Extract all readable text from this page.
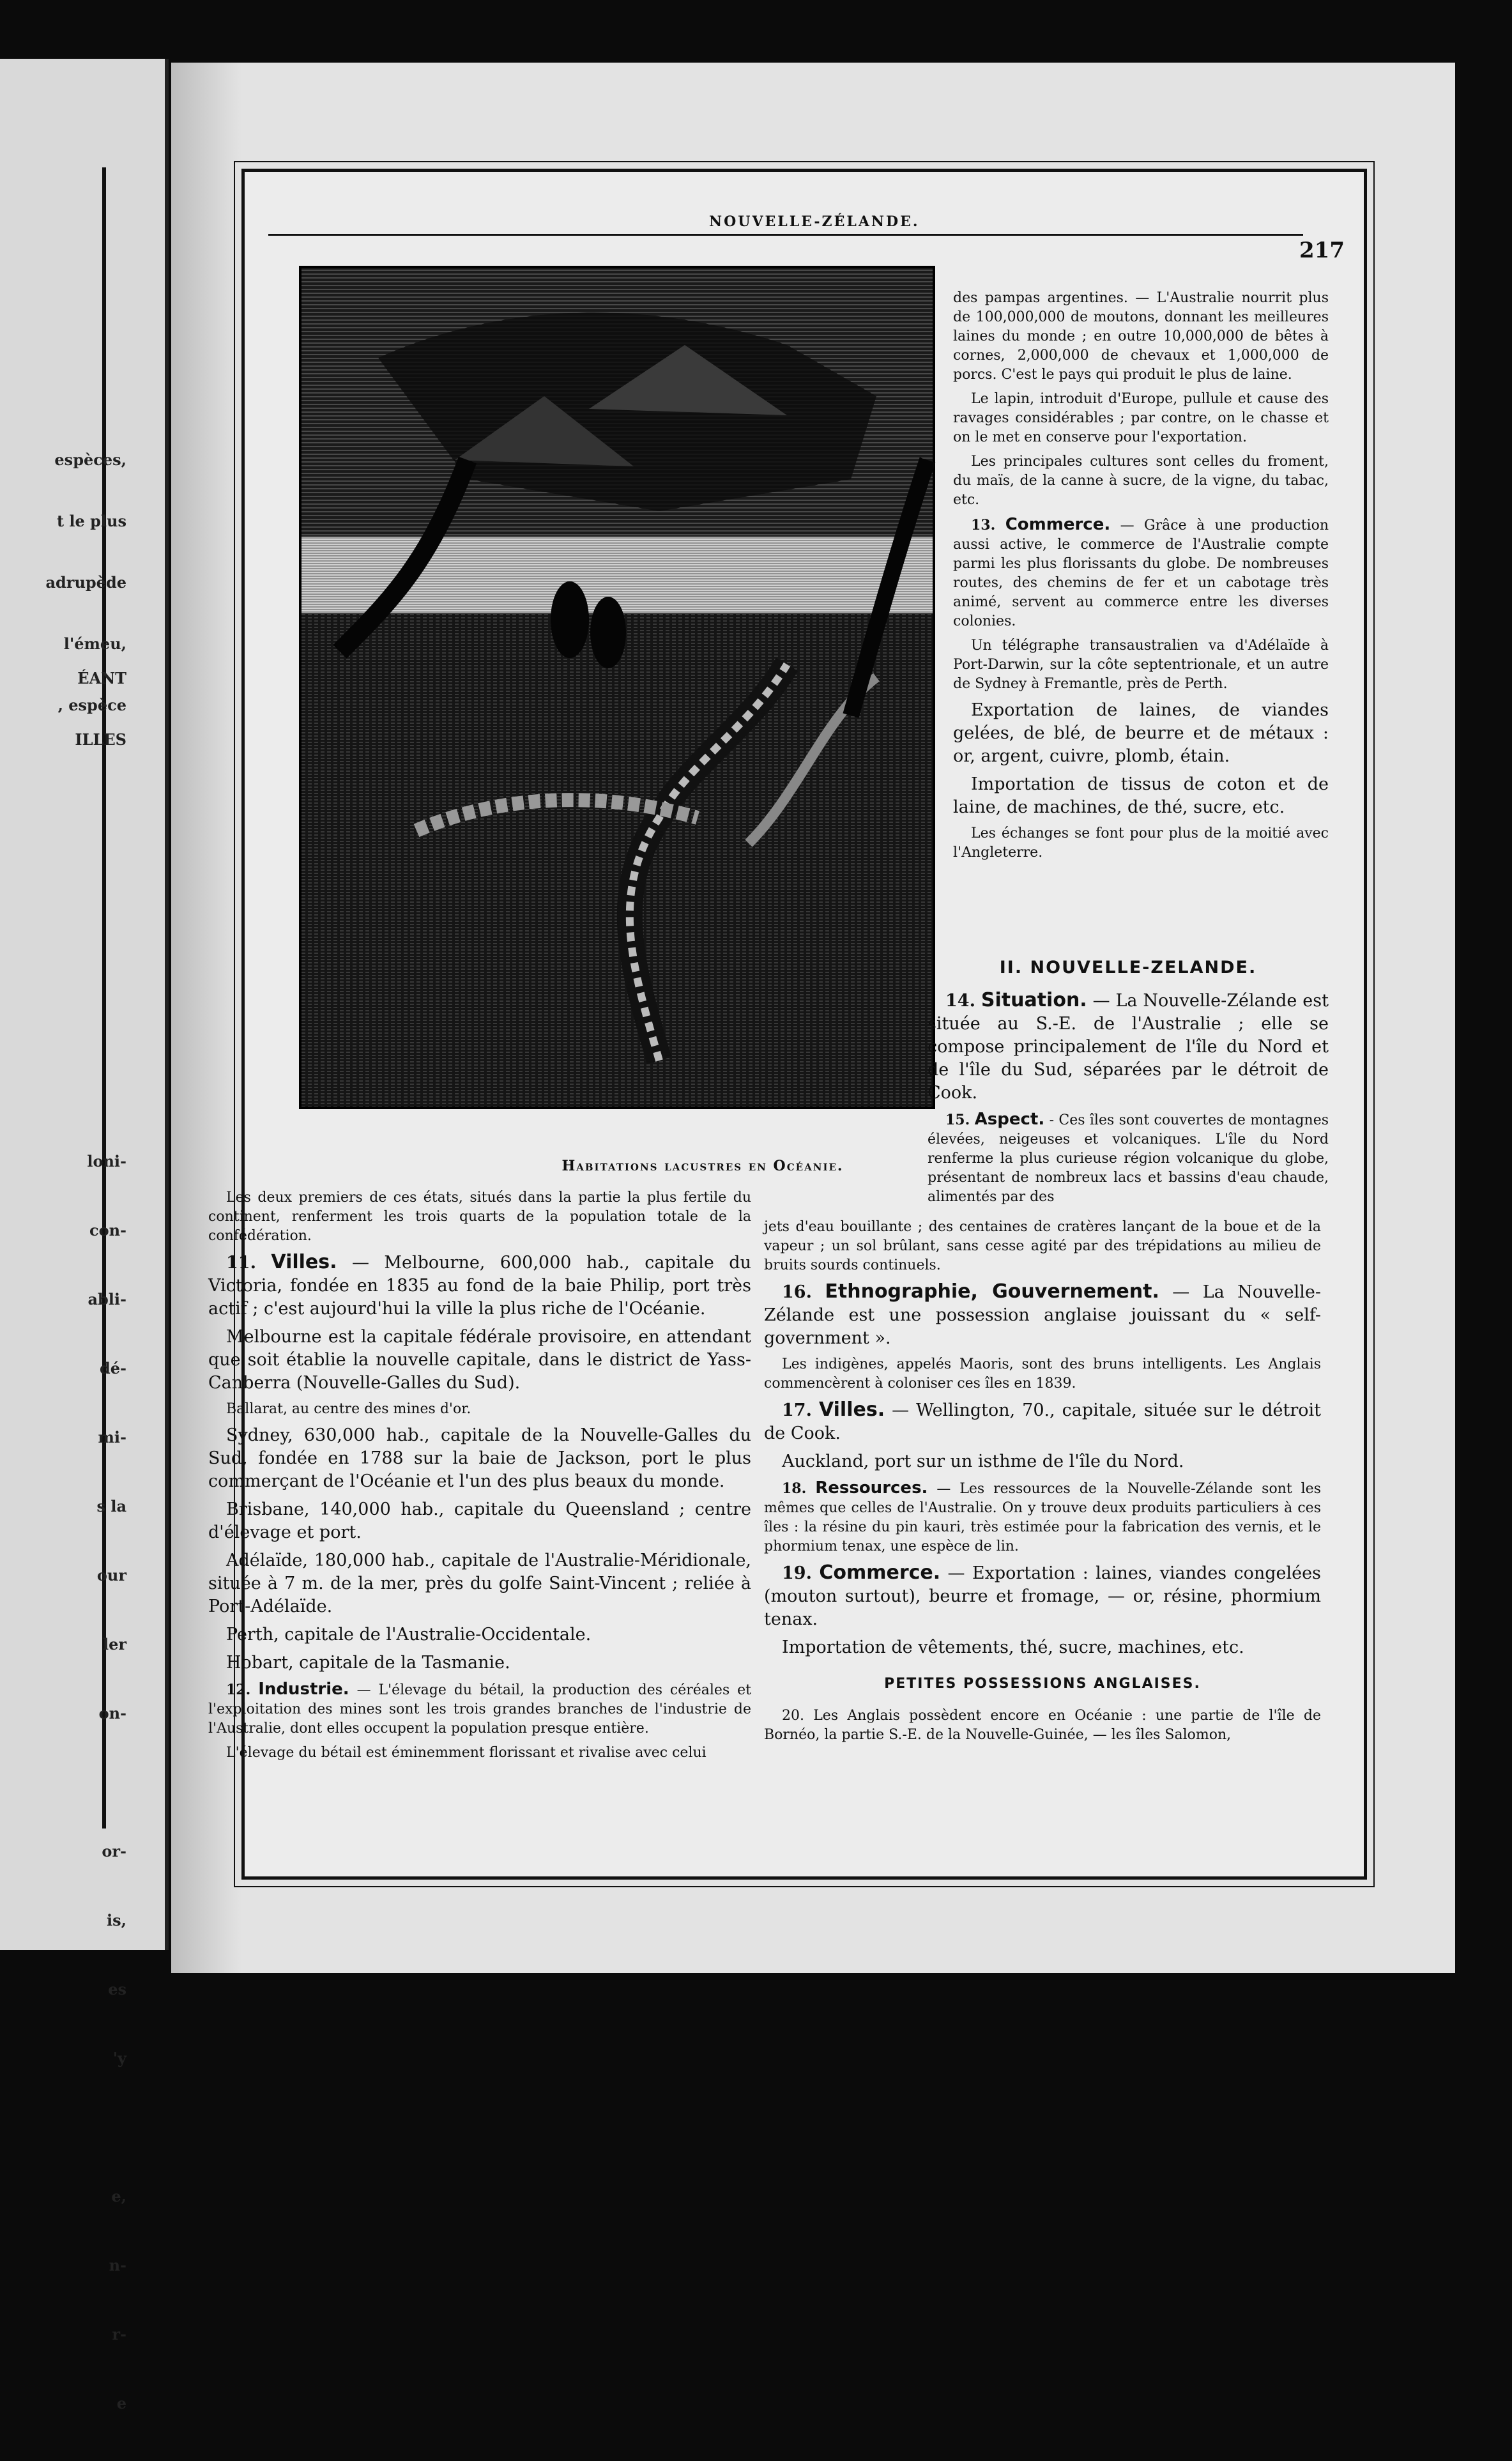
espèces,

t le plus

adrupède

l'émeu,

, espèce

ÉANT

ILLES

loni-

con-

abli-

dé-

mi-

s la

our

ler

on-

or-

is,

es

'y

e,

n-

r-

e

NOUVELLE-ZÉLANDE.
217
Habitations lacustres en Océanie.

des pampas argentines. — L'Australie nourrit plus de 100,000,000 de moutons, donnant les meilleures laines du monde ; en outre 10,000,000 de bêtes à cornes, 2,000,000 de chevaux et 1,000,000 de porcs. C'est le pays qui produit le plus de laine.

Le lapin, introduit d'Europe, pullule et cause des ravages considérables ; par contre, on le chasse et on le met en conserve pour l'exportation.

Les principales cultures sont celles du froment, du maïs, de la canne à sucre, de la vigne, du tabac, etc.

13. Commerce. — Grâce à une production aussi active, le commerce de l'Australie compte parmi les plus florissants du globe. De nombreuses routes, des chemins de fer et un cabotage très animé, servent au commerce entre les diverses colonies.

Un télégraphe transaustralien va d'Adélaïde à Port-Darwin, sur la côte septentrionale, et un autre de Sydney à Fremantle, près de Perth.

Exportation de laines, de viandes gelées, de blé, de beurre et de métaux : or, argent, cuivre, plomb, étain.

Importation de tissus de coton et de laine, de machines, de thé, sucre, etc.

Les échanges se font pour plus de la moitié avec l'Angleterre.

II. NOUVELLE-ZELANDE.

14. Situation. — La Nouvelle-Zélande est située au S.-E. de l'Australie ; elle se compose principalement de l'île du Nord et de l'île du Sud, séparées par le détroit de Cook.

15. Aspect. - Ces îles sont couvertes de montagnes élevées, neigeuses et volcaniques. L'île du Nord renferme la plus curieuse région volcanique du globe, présentant de nombreux lacs et bassins d'eau chaude, alimentés par des

Les deux premiers de ces états, situés dans la partie la plus fertile du continent, renferment les trois quarts de la population totale de la confédération.

11. Villes. — Melbourne, 600,000 hab., capitale du Victoria, fondée en 1835 au fond de la baie Philip, port très actif ; c'est aujourd'hui la ville la plus riche de l'Océanie.

Melbourne est la capitale fédérale provisoire, en attendant que soit établie la nouvelle capitale, dans le district de Yass-Canberra (Nouvelle-Galles du Sud).

Ballarat, au centre des mines d'or.

Sydney, 630,000 hab., capitale de la Nouvelle-Galles du Sud, fondée en 1788 sur la baie de Jackson, port le plus commerçant de l'Océanie et l'un des plus beaux du monde.

Brisbane, 140,000 hab., capitale du Queensland ; centre d'élevage et port.

Adélaïde, 180,000 hab., capitale de l'Australie-Méridionale, située à 7 m. de la mer, près du golfe Saint-Vincent ; reliée à Port-Adélaïde.

Perth, capitale de l'Australie-Occidentale.

Hobart, capitale de la Tasmanie.

12. Industrie. — L'élevage du bétail, la production des céréales et l'exploitation des mines sont les trois grandes branches de l'industrie de l'Australie, dont elles occupent la population presque entière.

L'élevage du bétail est éminemment florissant et rivalise avec celui

jets d'eau bouillante ; des centaines de cratères lançant de la boue et de la vapeur ; un sol brûlant, sans cesse agité par des trépidations au milieu de bruits sourds continuels.

16. Ethnographie, Gouvernement. — La Nouvelle-Zélande est une possession anglaise jouissant du « self-government ».

Les indigènes, appelés Maoris, sont des bruns intelligents. Les Anglais commencèrent à coloniser ces îles en 1839.

17. Villes. — Wellington, 70., capitale, située sur le détroit de Cook.

Auckland, port sur un isthme de l'île du Nord.

18. Ressources. — Les ressources de la Nouvelle-Zélande sont les mêmes que celles de l'Australie. On y trouve deux produits particuliers à ces îles : la résine du pin kauri, très estimée pour la fabrication des vernis, et le phormium tenax, une espèce de lin.

19. Commerce. — Exportation : laines, viandes congelées (mouton surtout), beurre et fromage, — or, résine, phormium tenax.

Importation de vêtements, thé, sucre, machines, etc.

PETITES POSSESSIONS ANGLAISES.

20. Les Anglais possèdent encore en Océanie : une partie de l'île de Bornéo, la partie S.-E. de la Nouvelle-Guinée, — les îles Salomon,
